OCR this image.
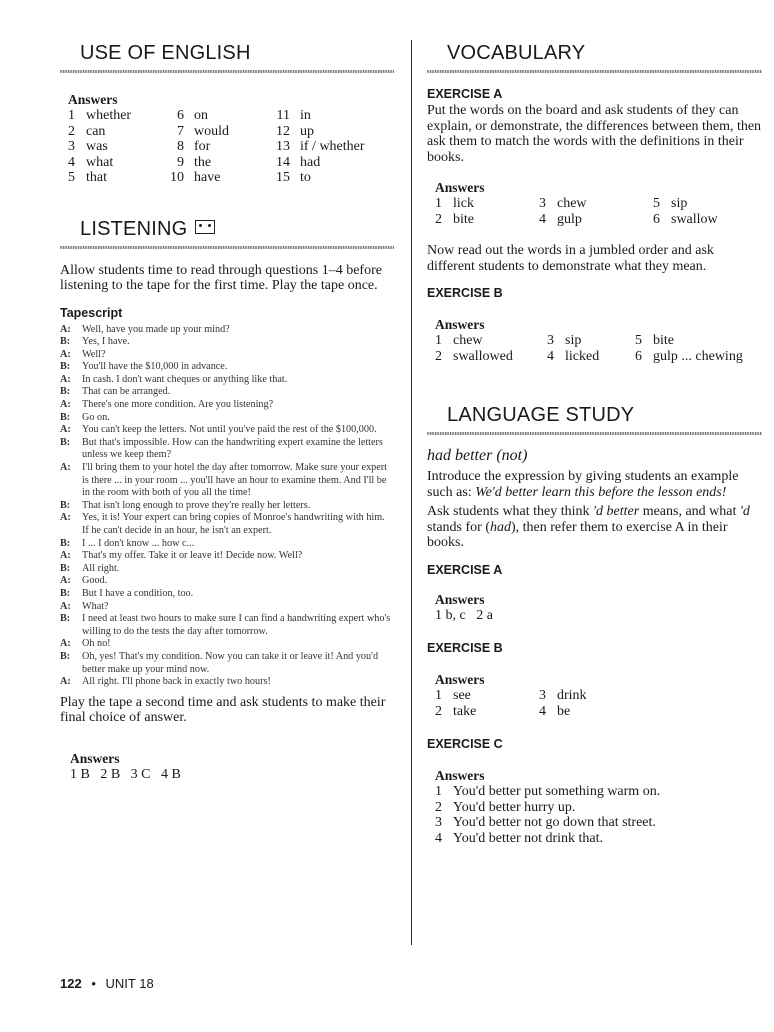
USE OF ENGLISH

Answers

1	whether
2	can
3	was
4	what
5	that
6	on
7	would
8	for
9	the
10	have
11	in
12	up
13	if / whether
14	had
15	to
LISTENING

Allow students time to read through questions 1–4 before listening to the tape for the first time. Play the tape once.

Tapescript

A:	Well, have you made up your mind?
B:	Yes, I have.
A:	Well?
B:	You'll have the $10,000 in advance.
A:	In cash. I don't want cheques or anything like that.
B:	That can be arranged.
A:	There's one more condition. Are you listening?
B:	Go on.
A:	You can't keep the letters. Not until you've paid the rest of the $100,000.
B:	But that's impossible. How can the handwriting expert examine the letters unless we keep them?
A:	I'll bring them to your hotel the day after tomorrow. Make sure your expert is there ... in your room ... you'll have an hour to examine them. And I'll be in the room with both of you all the time!
B:	That isn't long enough to prove they're really her letters.
A:	Yes, it is! Your expert can bring copies of Monroe's handwriting with him. If he can't decide in an hour, he isn't an expert.
B:	I ... I don't know ... how c...
A:	That's my offer. Take it or leave it! Decide now. Well?
B:	All right.
A:	Good.
B:	But I have a condition, too.
A:	What?
B:	I need at least two hours to make sure I can find a handwriting expert who's willing to do the tests the day after tomorrow.
A:	Oh no!
B:	Oh, yes! That's my condition. Now you can take it or leave it! And you'd better make up your mind now.
A:	All right. I'll phone back in exactly two hours!

Play the tape a second time and ask students to make their final choice of answer.

Answers

1 B   2 B   3 C   4 B

VOCABULARY

EXERCISE A

Put the words on the board and ask students of they can explain, or demonstrate, the differences between them, then ask them to match the words with the definitions in their books.

Answers

1	lick
2	bite
3	chew
4	gulp
5	sip
6	swallow

Now read out the words in a jumbled order and ask different students to demonstrate what they mean.

EXERCISE B

Answers

1	chew
2	swallowed
3	sip
4	licked
5	bite
6	gulp ... chewing
LANGUAGE STUDY

had better (not)

Introduce the expression by giving students an example such as: We'd better learn this before the lesson ends!

Ask students what they think 'd better means, and what 'd stands for (had), then refer them to exercise A in their books.

EXERCISE A

Answers

1 b, c   2 a

EXERCISE B

Answers

1	see
2	take
3	drink
4	be

EXERCISE C

Answers

1	You'd better put something warm on.
2	You'd better hurry up.
3	You'd better not go down that street.
4	You'd better not drink that.
122 • UNIT 18
